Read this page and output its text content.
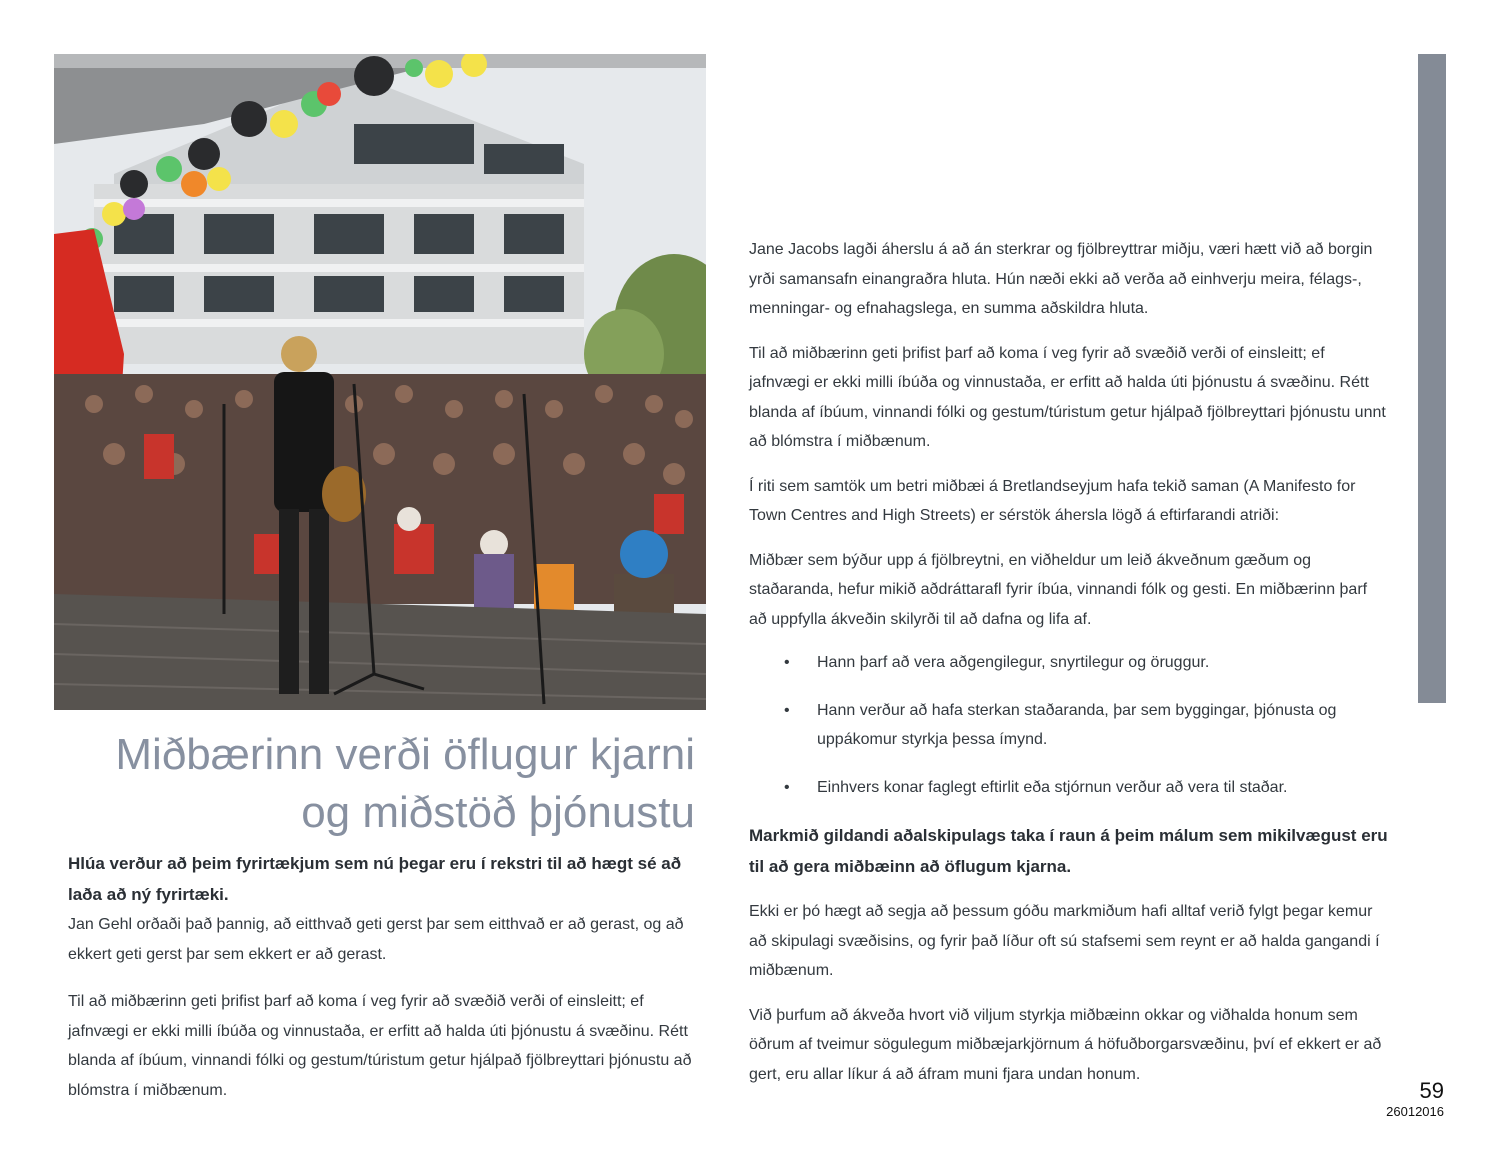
Miðbærinn verði öflugur kjarni
og miðstöð þjónustu

Hlúa verður að þeim fyrirtækjum sem nú þegar eru í rekstri til að hægt sé að laða að ný fyrirtæki.

Jan Gehl orðaði það þannig, að eitthvað geti gerst þar sem eitthvað er að gerast, og að ekkert geti gerst þar sem ekkert er að gerast.

Til að miðbærinn geti þrifist þarf að koma í veg fyrir að svæðið verði of einsleitt; ef jafnvægi er ekki milli íbúða og vinnustaða, er erfitt að halda úti þjónustu á svæðinu. Rétt blanda af íbúum, vinnandi fólki og gestum/túristum getur hjálpað fjölbreyttari þjónustu að blómstra í miðbænum.

Jane Jacobs lagði áherslu á að án sterkrar og fjölbreyttrar miðju, væri hætt við að borgin yrði samansafn einangraðra hluta. Hún næði ekki að verða að einhverju meira, félags-, menningar- og efnahagslega, en summa aðskildra hluta.

Til að miðbærinn geti þrifist þarf að koma í veg fyrir að svæðið verði of einsleitt; ef jafnvægi er ekki milli íbúða og vinnustaða, er erfitt að halda úti þjónustu á svæðinu. Rétt blanda af íbúum, vinnandi fólki og gestum/túristum getur hjálpað fjölbreyttari þjónustu unnt að blómstra í miðbænum.

Í riti sem samtök um betri miðbæi á Bretlandseyjum hafa tekið saman (A Manifesto for Town Centres and High Streets) er sérstök áhersla lögð á eftirfarandi atriði:

Miðbær sem býður upp á fjölbreytni, en viðheldur um leið ákveðnum gæðum og staðaranda, hefur mikið aðdráttarafl fyrir íbúa, vinnandi fólk og gesti. En miðbærinn þarf að uppfylla ákveðin skilyrði til að dafna og lifa af.

• Hann þarf að vera aðgengilegur, snyrtilegur og öruggur.
• Hann verður að hafa sterkan staðaranda, þar sem byggingar, þjónusta og uppákomur styrkja þessa ímynd.
• Einhvers konar faglegt eftirlit eða stjórnun verður að vera til staðar.

Markmið gildandi aðalskipulags taka í raun á þeim málum sem mikilvægust eru til að gera miðbæinn að öflugum kjarna.

Ekki er þó hægt að segja að þessum góðu markmiðum hafi alltaf verið fylgt þegar kemur að skipulagi svæðisins, og fyrir það líður oft sú stafsemi sem reynt er að halda gangandi í miðbænum.

Við þurfum að ákveða hvort við viljum styrkja miðbæinn okkar og viðhalda honum sem öðrum af tveimur sögulegum miðbæjarkjörnum á höfuðborgarsvæðinu, því ef ekkert er að gert, eru allar líkur á að áfram muni fjara undan honum.

59
26012016
